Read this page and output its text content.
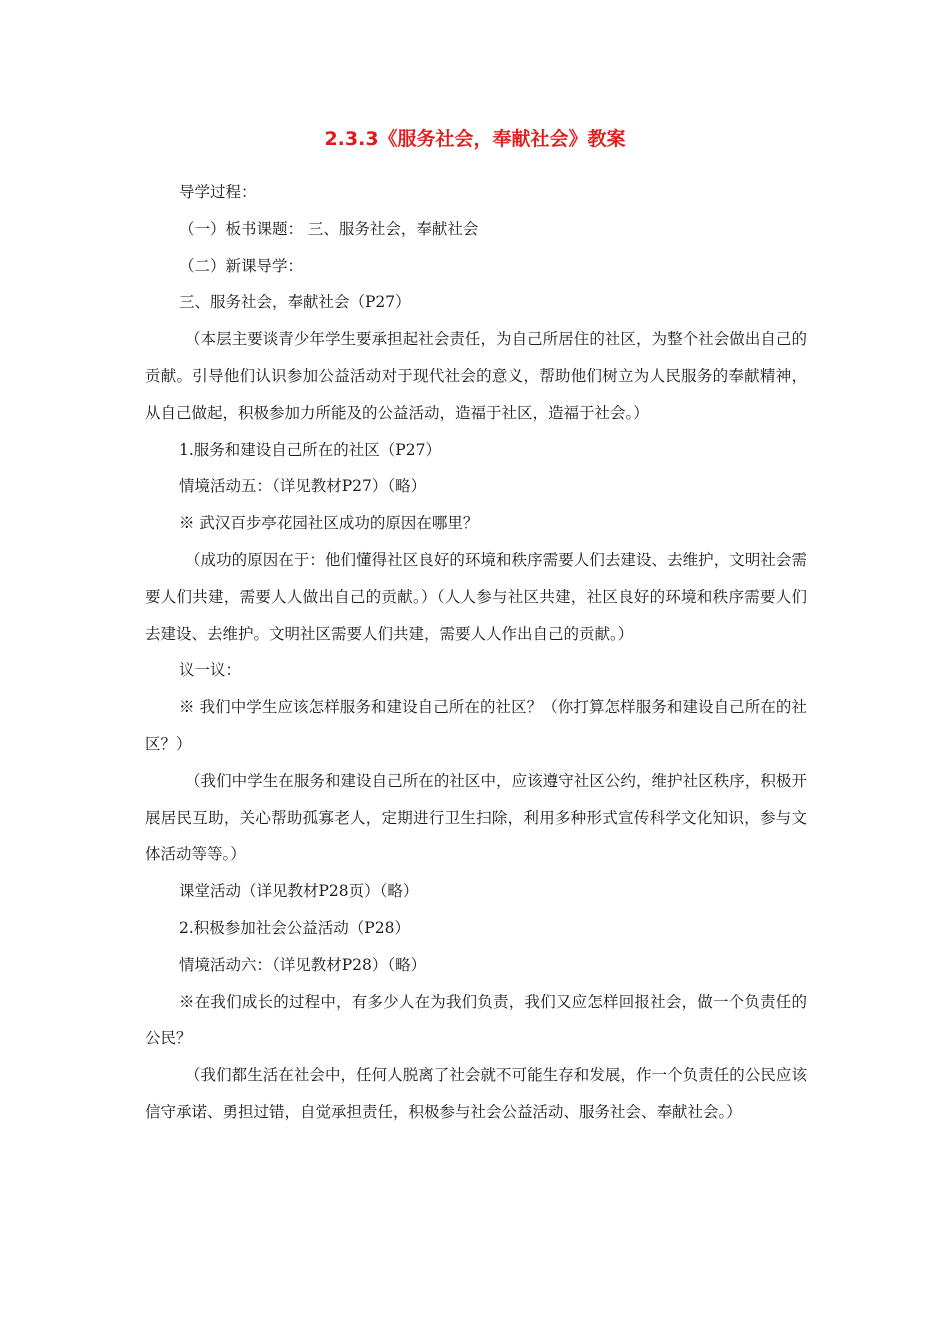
2.3.3《服务社会，奉献社会》教案

导学过程：

（一）板书课题： 三、服务社会，奉献社会

（二）新课导学：

三、服务社会，奉献社会（P27）

（本层主要谈青少年学生要承担起社会责任，为自己所居住的社区，为整个社会做出自己的贡献。引导他们认识参加公益活动对于现代社会的意义，帮助他们树立为人民服务的奉献精神，从自己做起，积极参加力所能及的公益活动，造福于社区，造福于社会。）

1.服务和建设自己所在的社区（P27）

情境活动五：（详见教材P27）（略）

※ 武汉百步亭花园社区成功的原因在哪里？

（成功的原因在于：他们懂得社区良好的环境和秩序需要人们去建设、去维护，文明社会需要人们共建，需要人人做出自己的贡献。）（人人参与社区共建，社区良好的环境和秩序需要人们去建设、去维护。文明社区需要人们共建，需要人人作出自己的贡献。）

议一议：

※ 我们中学生应该怎样服务和建设自己所在的社区？（你打算怎样服务和建设自己所在的社区？）

（我们中学生在服务和建设自己所在的社区中，应该遵守社区公约，维护社区秩序，积极开展居民互助，关心帮助孤寡老人，定期进行卫生扫除，利用多种形式宣传科学文化知识，参与文体活动等等。）

课堂活动（详见教材P28页）（略）

2.积极参加社会公益活动（P28）

情境活动六：（详见教材P28）（略）

※在我们成长的过程中，有多少人在为我们负责，我们又应怎样回报社会，做一个负责任的公民？

（我们都生活在社会中，任何人脱离了社会就不可能生存和发展，作一个负责任的公民应该信守承诺、勇担过错，自觉承担责任，积极参与社会公益活动、服务社会、奉献社会。）
